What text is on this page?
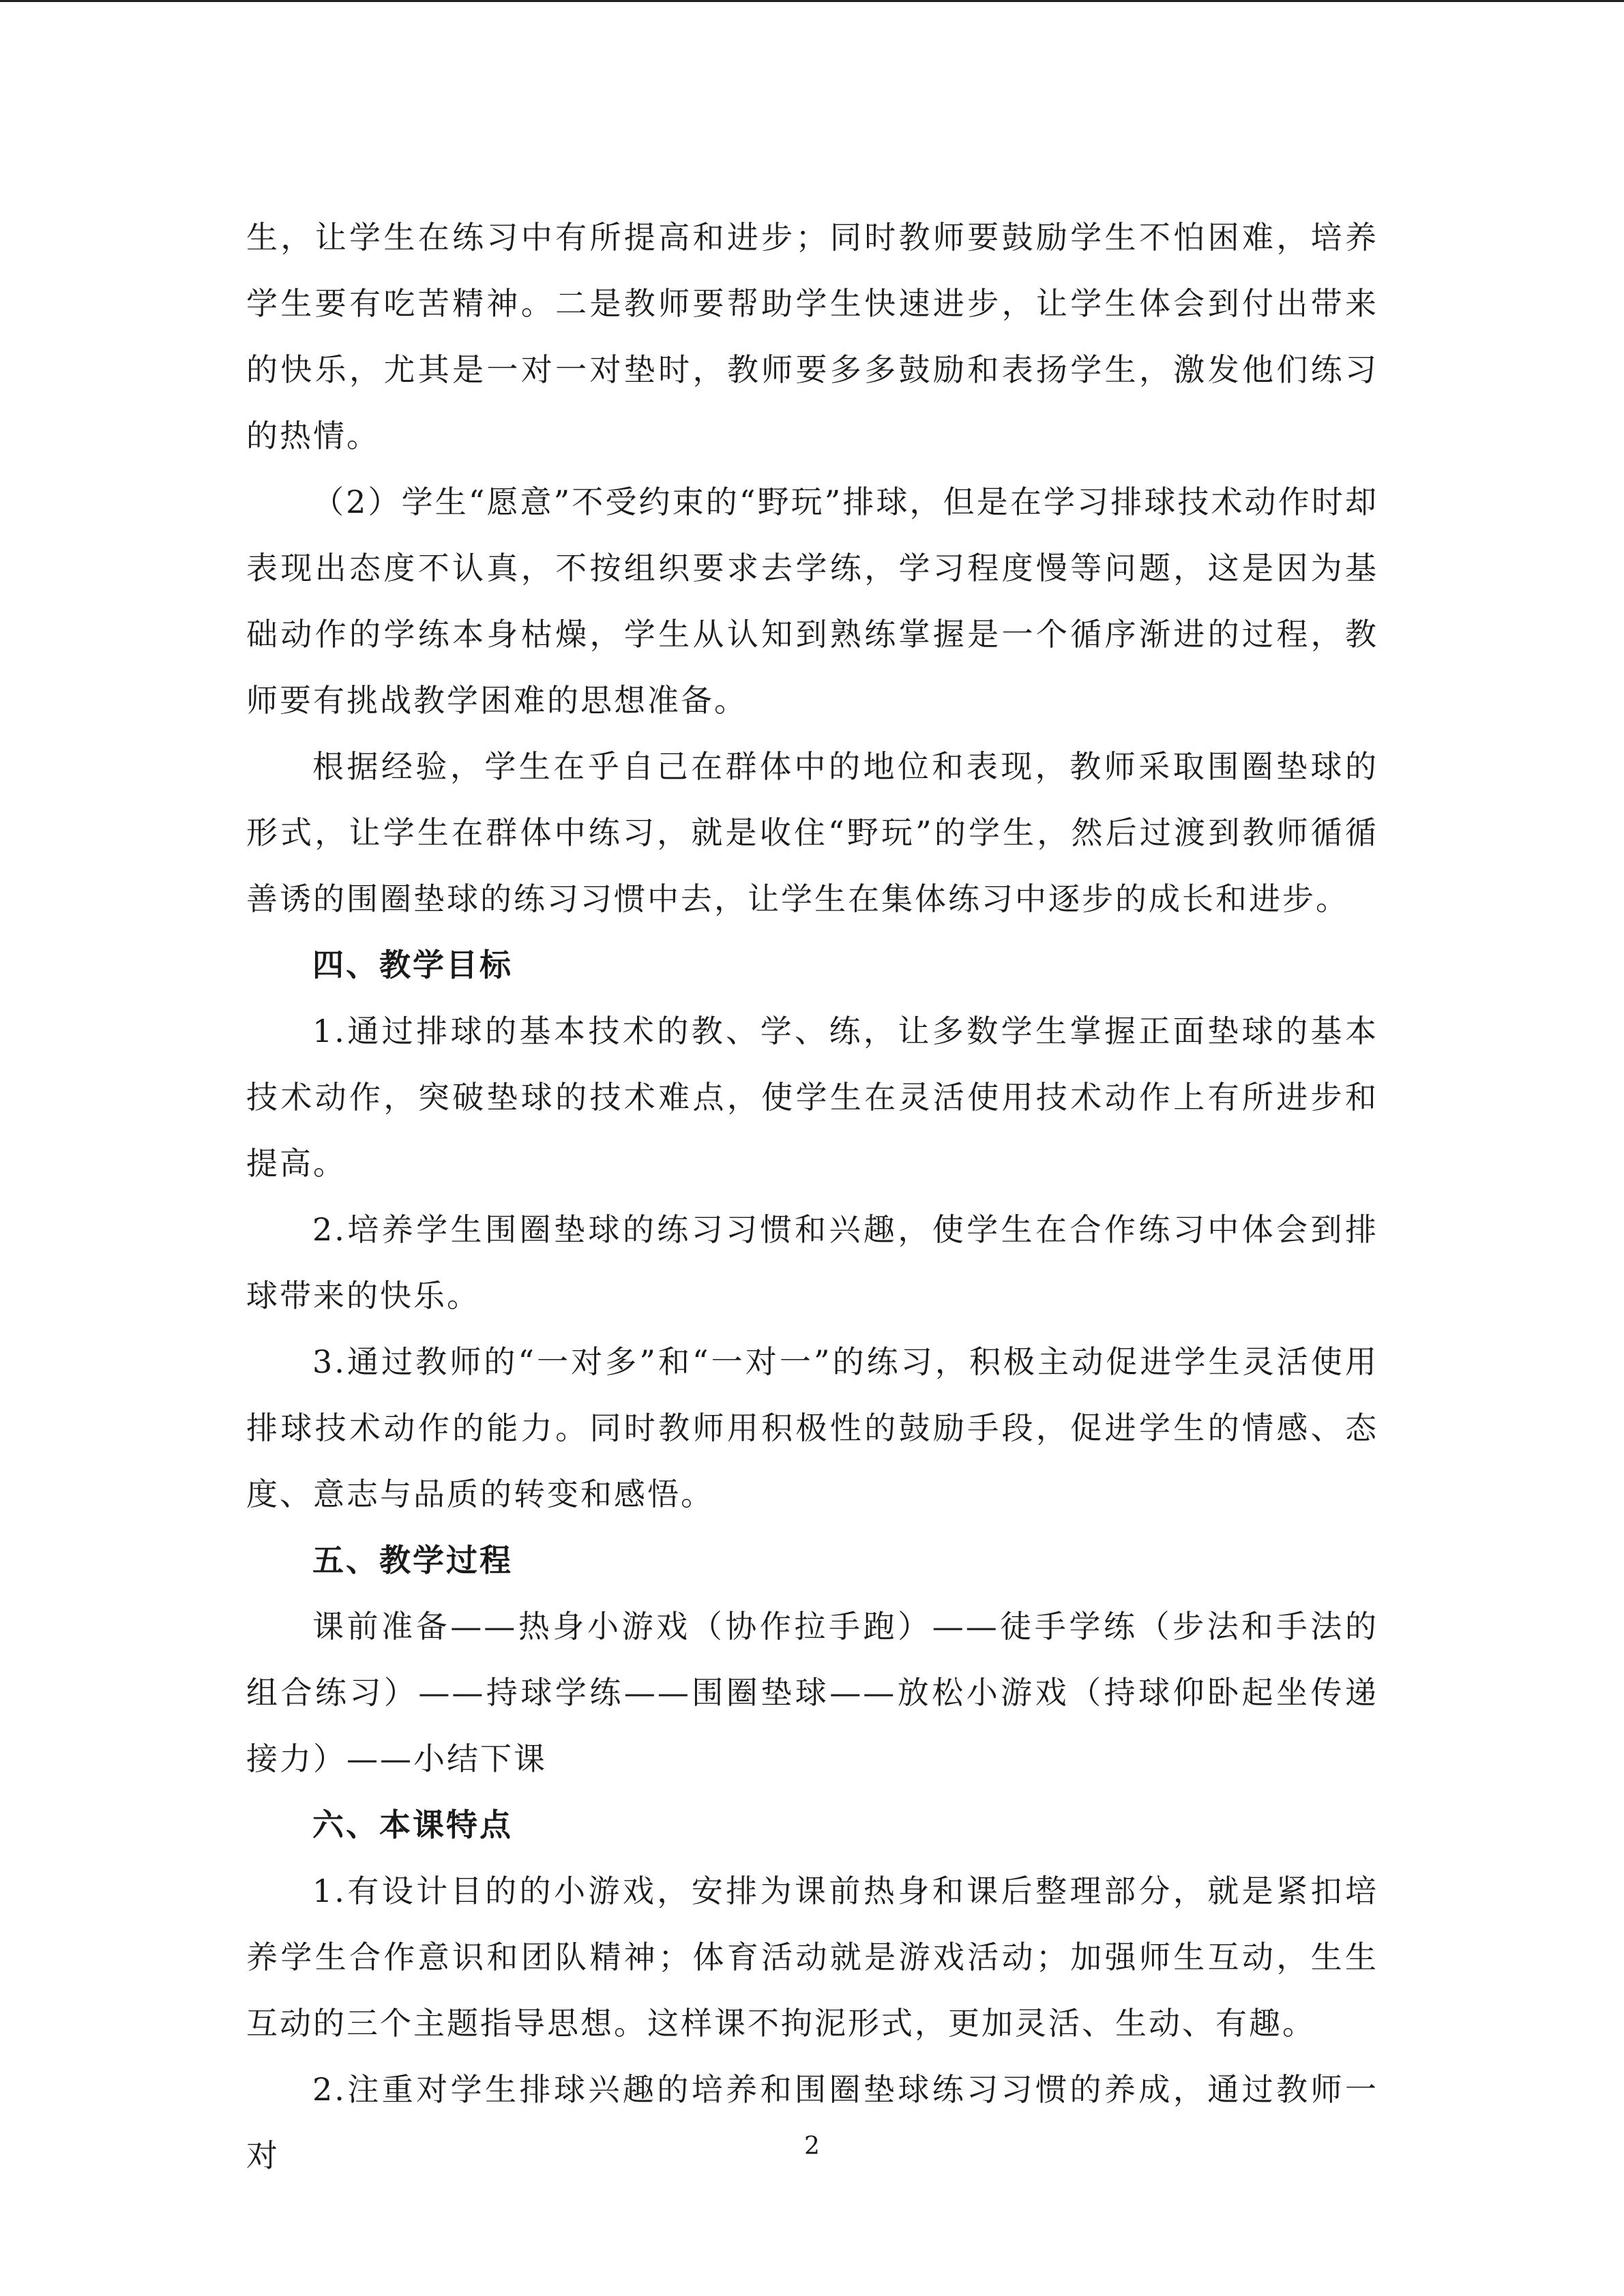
生，让学生在练习中有所提高和进步；同时教师要鼓励学生不怕困难，培养学生要有吃苦精神。二是教师要帮助学生快速进步，让学生体会到付出带来的快乐，尤其是一对一对垫时，教师要多多鼓励和表扬学生，激发他们练习的热情。

（2）学生“愿意”不受约束的“野玩”排球，但是在学习排球技术动作时却表现出态度不认真，不按组织要求去学练，学习程度慢等问题，这是因为基础动作的学练本身枯燥，学生从认知到熟练掌握是一个循序渐进的过程，教师要有挑战教学困难的思想准备。

根据经验，学生在乎自己在群体中的地位和表现，教师采取围圈垫球的形式，让学生在群体中练习，就是收住“野玩”的学生，然后过渡到教师循循善诱的围圈垫球的练习习惯中去，让学生在集体练习中逐步的成长和进步。

四、教学目标

1.通过排球的基本技术的教、学、练，让多数学生掌握正面垫球的基本技术动作，突破垫球的技术难点，使学生在灵活使用技术动作上有所进步和提高。

2.培养学生围圈垫球的练习习惯和兴趣，使学生在合作练习中体会到排球带来的快乐。

3.通过教师的“一对多”和“一对一”的练习，积极主动促进学生灵活使用排球技术动作的能力。同时教师用积极性的鼓励手段，促进学生的情感、态度、意志与品质的转变和感悟。

五、教学过程

课前准备——热身小游戏（协作拉手跑）——徒手学练（步法和手法的组合练习）——持球学练——围圈垫球——放松小游戏（持球仰卧起坐传递接力）——小结下课

六、本课特点

1.有设计目的的小游戏，安排为课前热身和课后整理部分，就是紧扣培养学生合作意识和团队精神；体育活动就是游戏活动；加强师生互动，生生互动的三个主题指导思想。这样课不拘泥形式，更加灵活、生动、有趣。

2.注重对学生排球兴趣的培养和围圈垫球练习习惯的养成，通过教师一对	2
